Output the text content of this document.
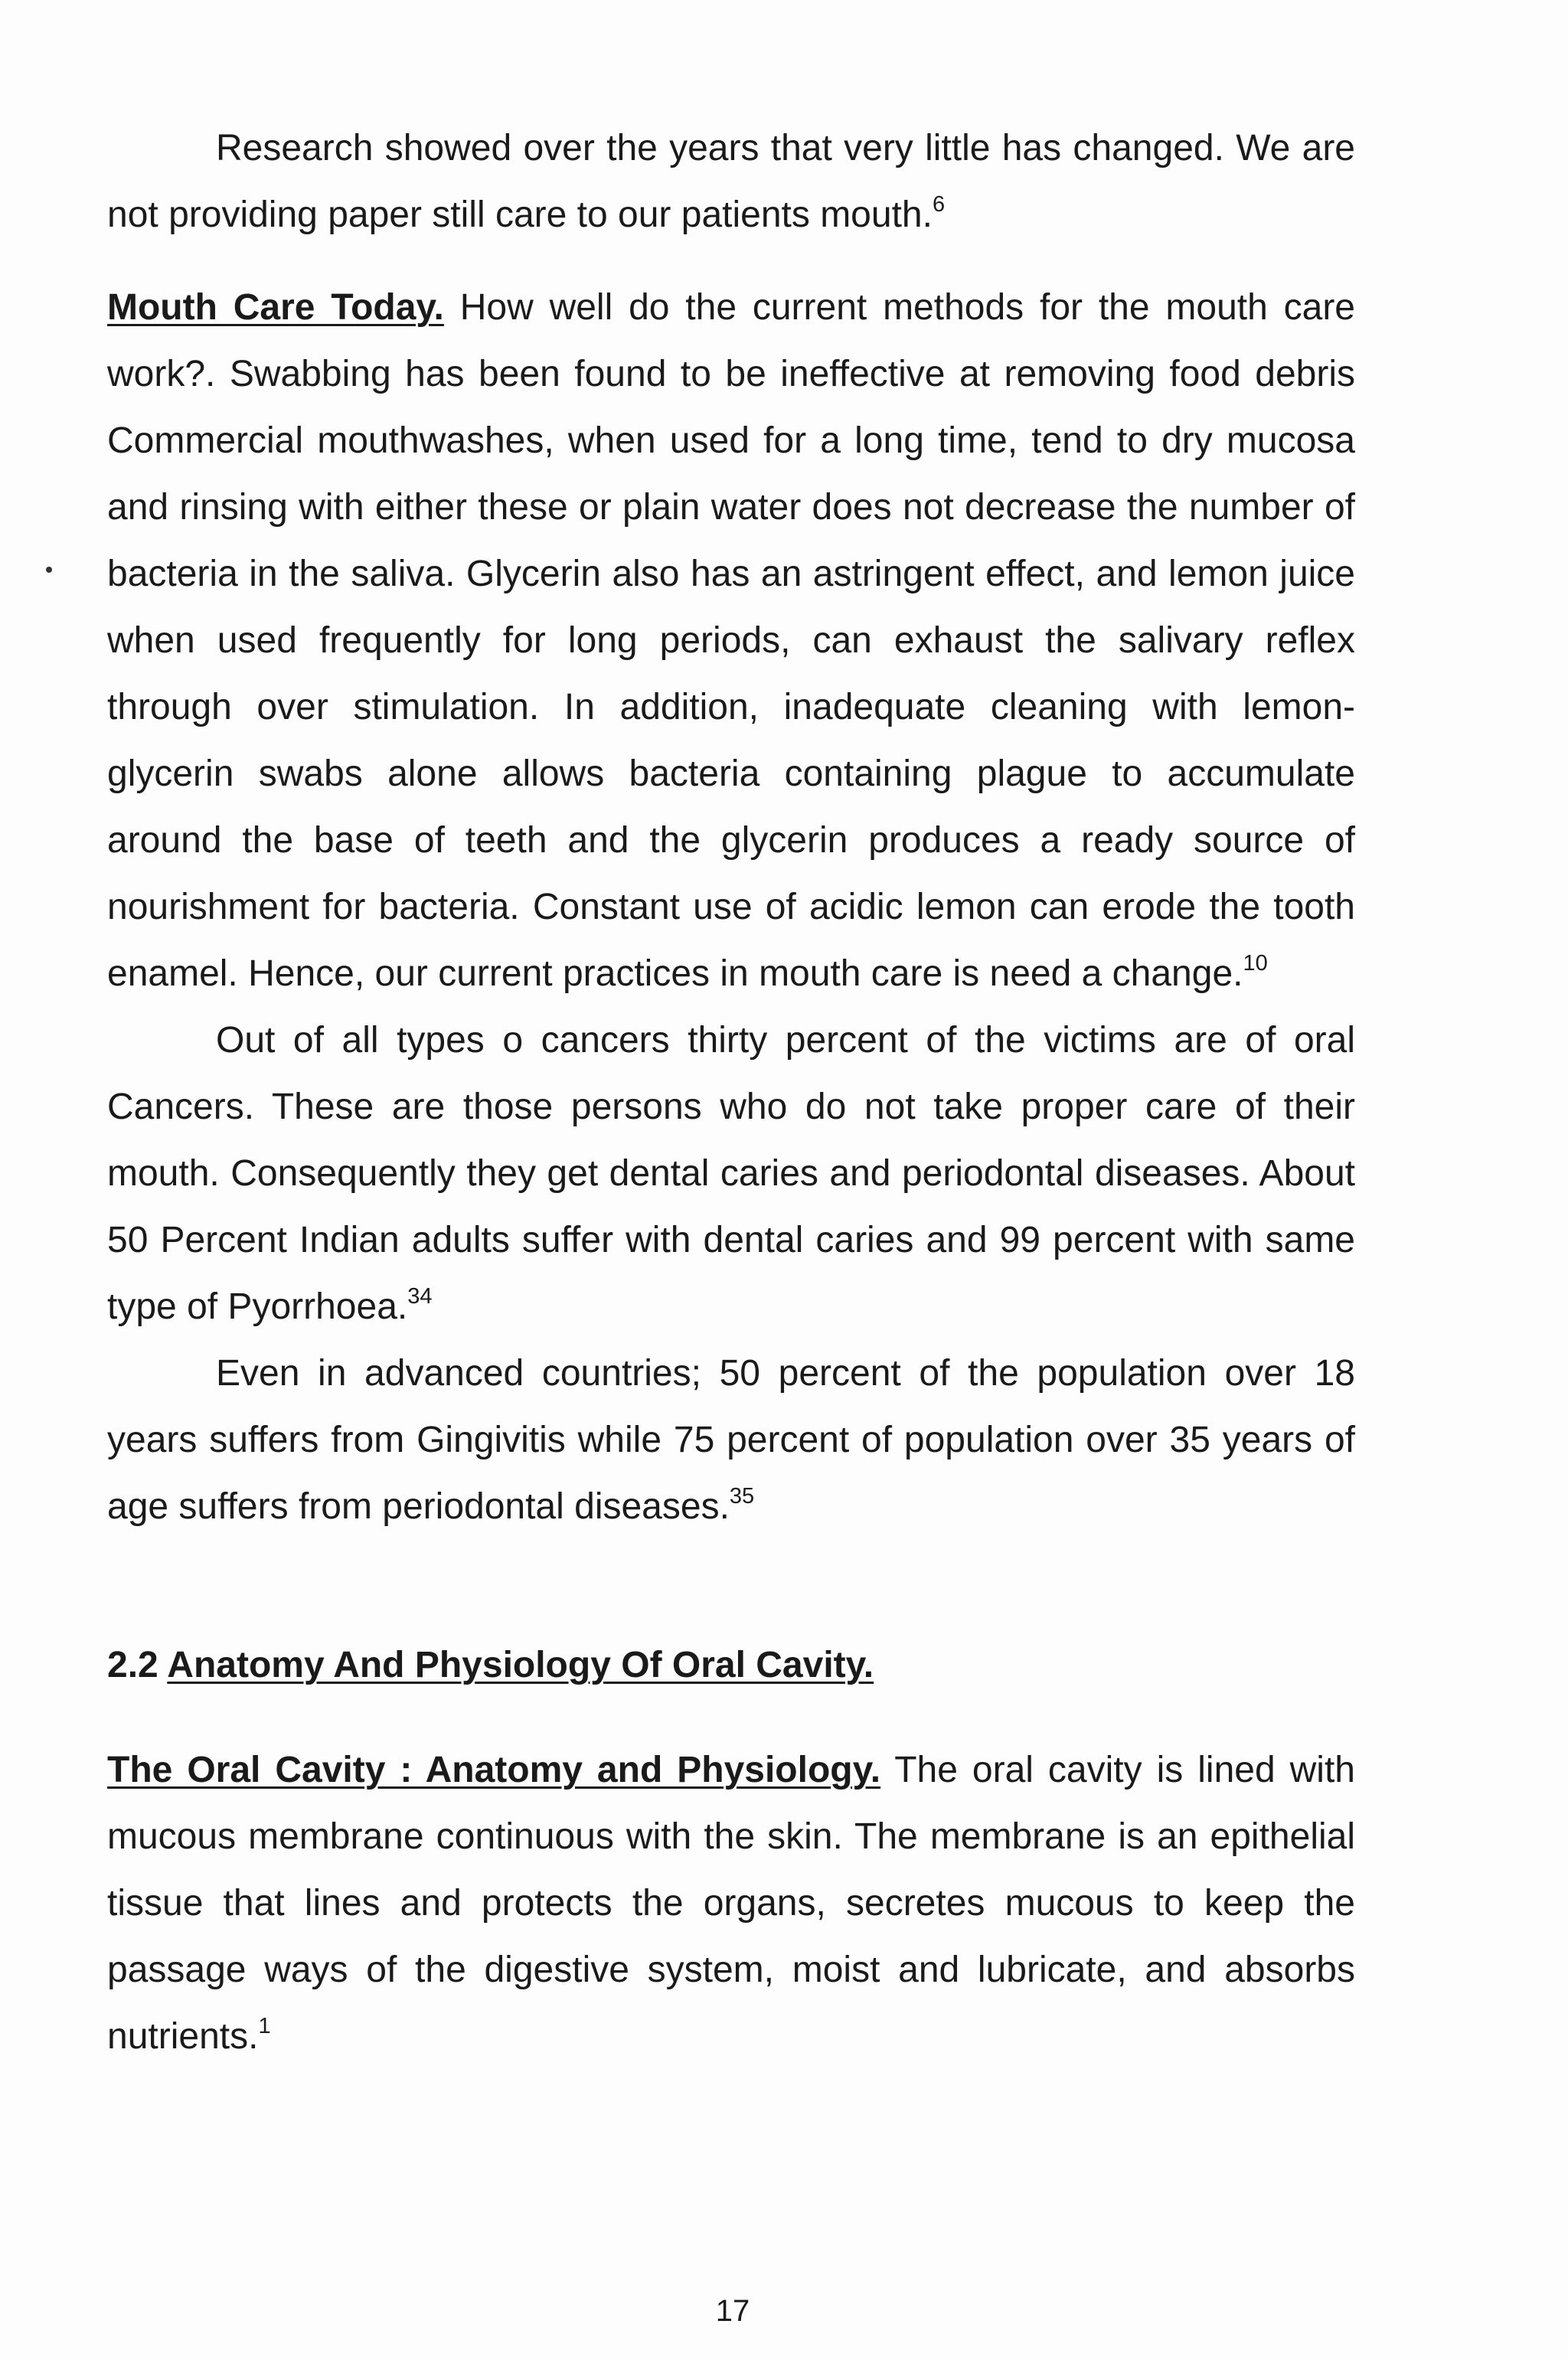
Research showed over the years that very little has changed. We are not providing paper still care to our patients mouth.$^6$

Mouth Care Today. How well do the current methods for the mouth care work?. Swabbing has been found to be ineffective at removing food debris Commercial mouthwashes, when used for a long time, tend to dry mucosa and rinsing with either these or plain water does not decrease the number of bacteria in the saliva. Glycerin also has an astringent effect, and lemon juice when used frequently for long periods, can exhaust the salivary reflex through over stimulation. In addition, inadequate cleaning with lemon-glycerin swabs alone allows bacteria containing plague to accumulate around the base of teeth and the glycerin produces a ready source of nourishment for bacteria. Constant use of acidic lemon can erode the tooth enamel. Hence, our current practices in mouth care is need a change.$^{10}$

Out of all types o cancers thirty percent of the victims are of oral Cancers. These are those persons who do not take proper care of their mouth. Consequently they get dental caries and periodontal diseases. About 50 Percent Indian adults suffer with dental caries and 99 percent with same type of Pyorrhoea.$^{34}$

Even in advanced countries; 50 percent of the population over 18 years suffers from Gingivitis while 75 percent of population over 35 years of age suffers from periodontal diseases.$^{35}$

2.2 Anatomy And Physiology Of Oral Cavity.

The Oral Cavity : Anatomy and Physiology. The oral cavity is lined with mucous membrane continuous with the skin. The membrane is an epithelial tissue that lines and protects the organs, secretes mucous to keep the passage ways of the digestive system, moist and lubricate, and absorbs nutrients.$^1$

17
